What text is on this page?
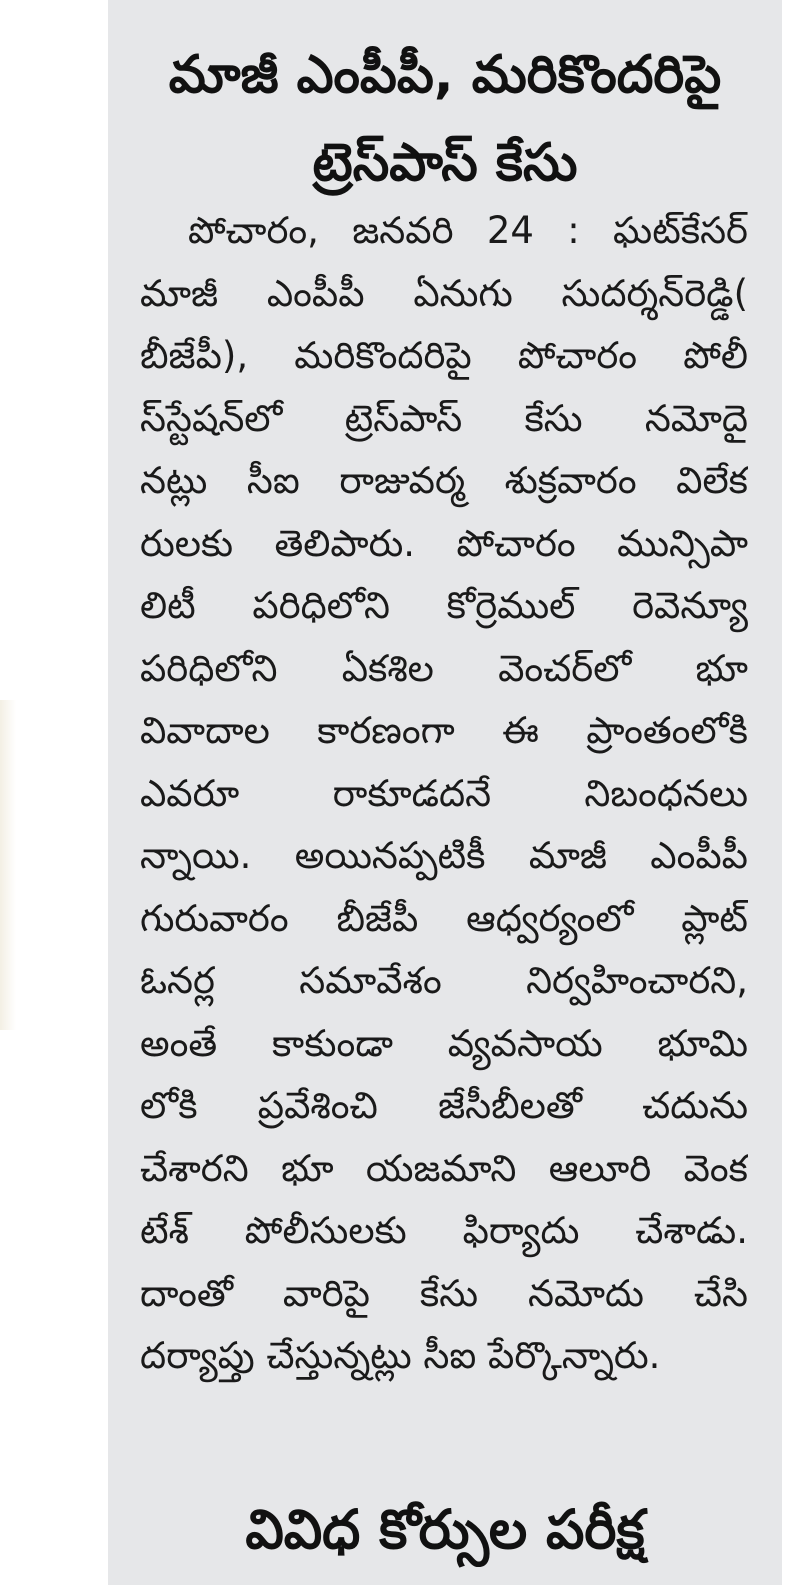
మాజీ ఎంపీపీ, మరికొందరిపై
ట్రెస్‌పాస్ కేసు

పోచారం, జనవరి 24 : ఘట్‌కేసర్
మాజీ ఎంపీపీ ఏనుగు సుదర్శన్‌రెడ్డి(
బీజేపీ), మరికొందరిపై పోచారం పోలీ
స్‌స్టేషన్‌లో ట్రెస్‌పాస్ కేసు నమోదై
నట్లు సీఐ రాజువర్మ శుక్రవారం విలేక
రులకు తెలిపారు. పోచారం మున్సిపా
లిటీ పరిధిలోని కోర్రెముల్ రెవెన్యూ
పరిధిలోని ఏకశిల వెంచర్‌లో భూ
వివాదాల కారణంగా ఈ ప్రాంతంలోకి
ఎవరూ రాకూడదనే నిబంధనలు
న్నాయి. అయినప్పటికీ మాజీ ఎంపీపీ
గురువారం బీజేపీ ఆధ్వర్యంలో ప్లాట్
ఓనర్ల సమావేశం నిర్వహించారని,
అంతే కాకుండా వ్యవసాయ భూమి
లోకి ప్రవేశించి జేసీబీలతో చదును
చేశారని భూ యజమాని ఆలూరి వెంక
టేశ్ పోలీసులకు ఫిర్యాదు చేశాడు.
దాంతో వారిపై కేసు నమోదు చేసి
దర్యాప్తు చేస్తున్నట్లు సీఐ పేర్కొన్నారు.

వివిధ కోర్సుల పరీక్ష
